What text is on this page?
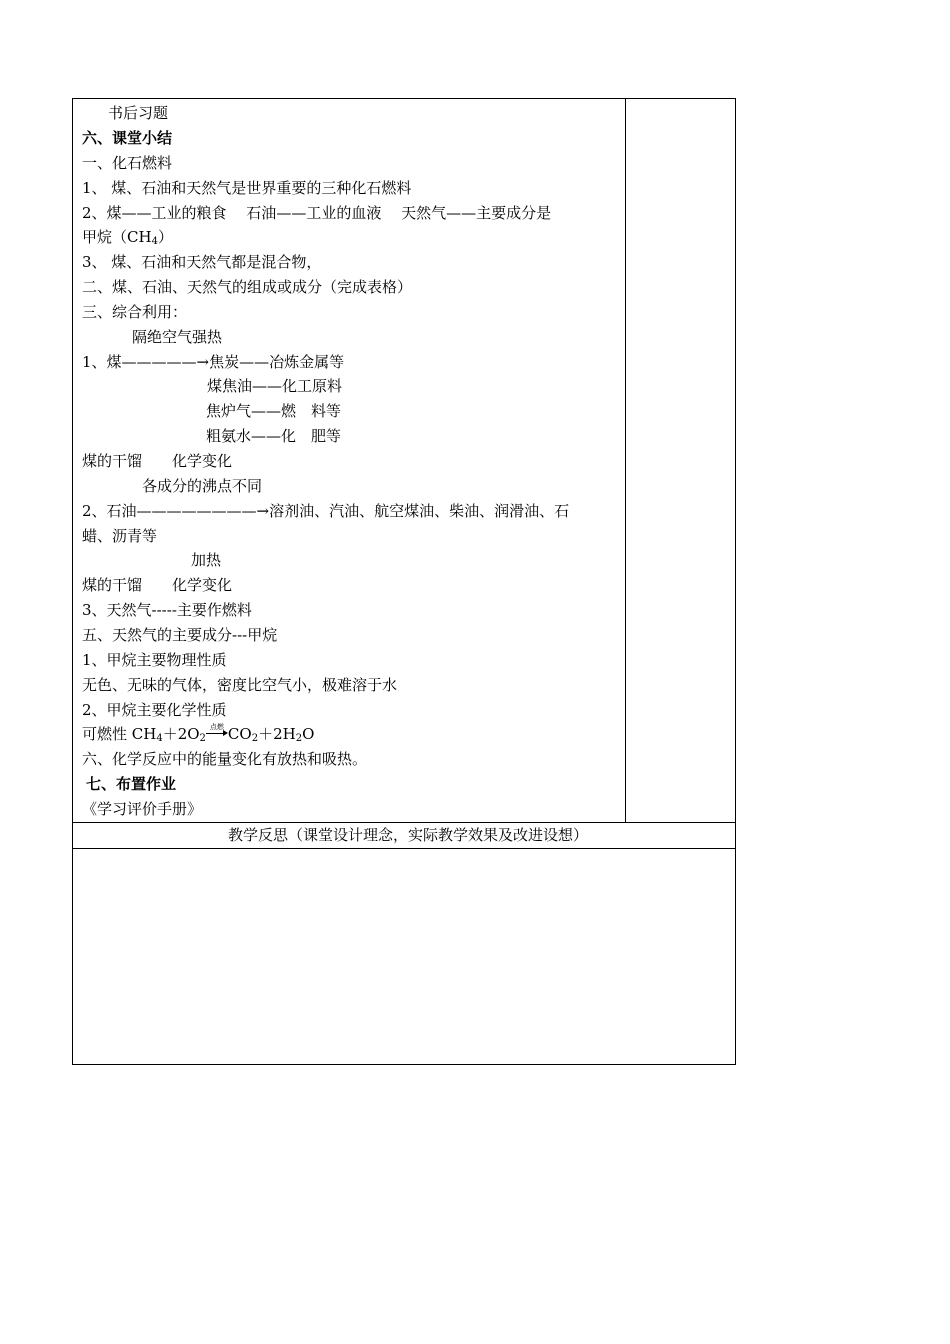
书后习题
六、课堂小结
一、化石燃料
1、 煤、石油和天然气是世界重要的三种化石燃料
2、煤——工业的粮食　 石油——工业的血液　 天然气——主要成分是
甲烷$(CH_4)$
3、 煤、石油和天然气都是混合物，
二、煤、石油、天然气的组成或成分（完成表格）
三、综合利用：
隔绝空气强热
1、煤—————→焦炭——冶炼金属等
煤焦油——化工原料
焦炉气——燃　料等
粗氨水——化　肥等
煤的干馏　　化学变化
各成分的沸点不同
2、石油————————→溶剂油、汽油、航空煤油、柴油、润滑油、石
蜡、沥青等
加热
煤的干馏　　化学变化
3、天然气-----主要作燃料
五、天然气的主要成分---甲烷
1、甲烷主要物理性质
无色、无味的气体，密度比空气小，极难溶于水
2、甲烷主要化学性质
可燃性 $CH_4+2O_2$
点燃 $CO_2+2H_2O$
六、化学反应中的能量变化有放热和吸热。
七、布置作业
《学习评价手册》
教学反思（课堂设计理念，实际教学效果及改进设想）
